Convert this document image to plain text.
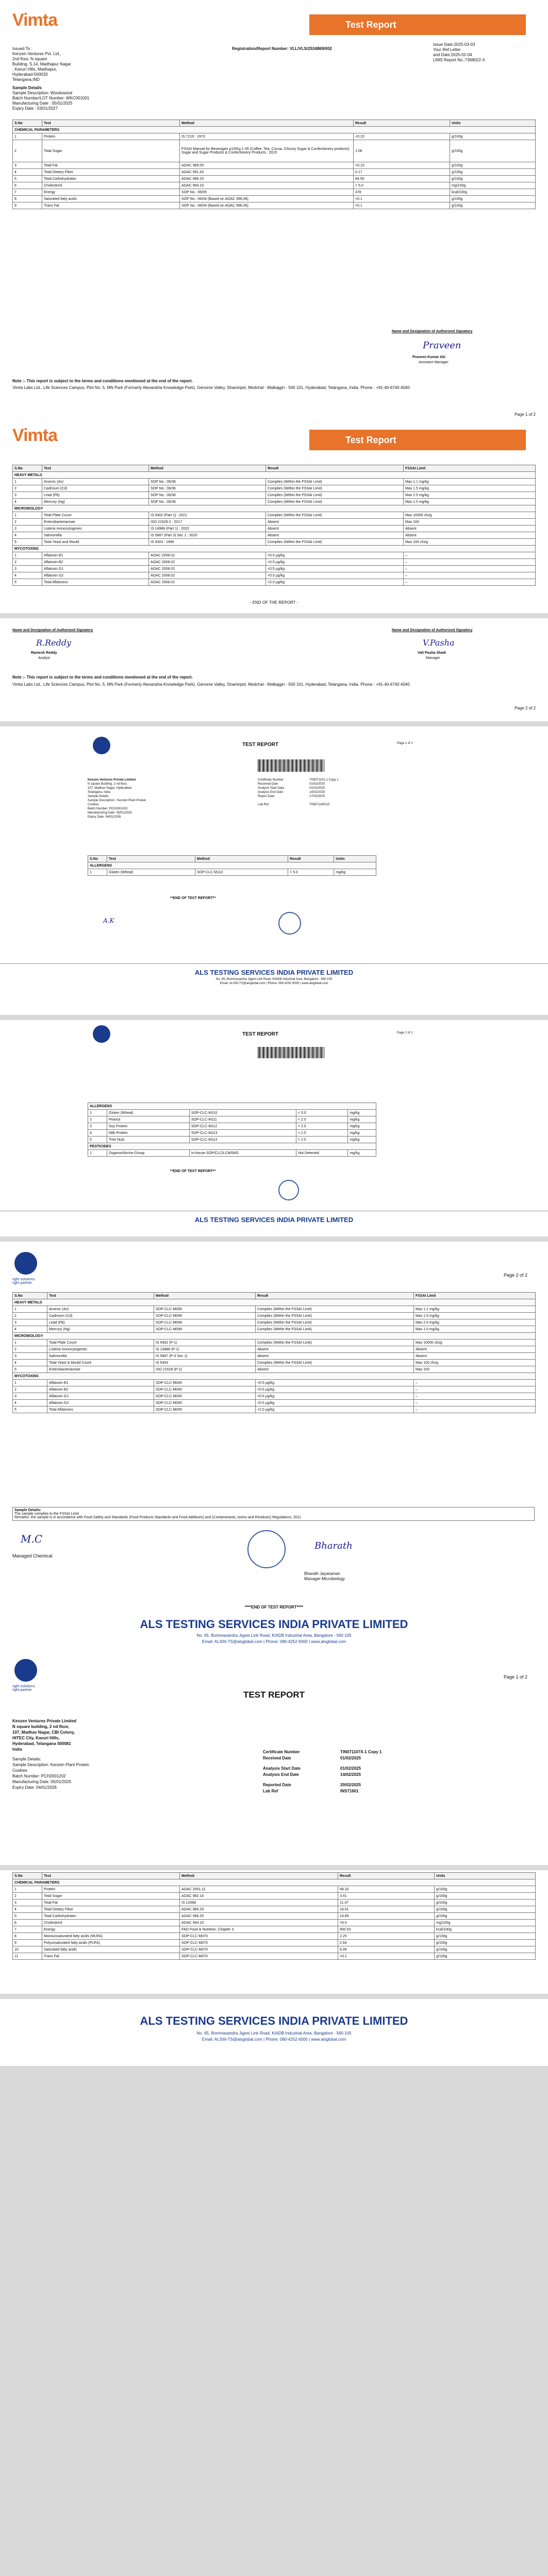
Vimta	Test Report
Issued To :
Kenzen Ventures Pvt. Ltd.,
2nd floor, N square
Building, S.14, Madhapur Nagar
, Kavuri Hills, Madhapur,
Hyderabad-500033
Telangana,IND
Sample Details
Sample Description: Wordswood
Batch Number/LOT Number: WKC001001
Manufacturing Date : 05/01/2025
Expiry Date : 03/01/2027
Registration/Report Number: VLL/VLS/2534869/002
Issue Date:2025-03-03
Your Ref.Letter
and Date:2025-02-04
LIMS Report No.:7368022-X
S.No	Test	Method	Result	Units
CHEMICAL PARAMETERS				
1	Protein	IS 7219 : 1973	<0.15	g/100g
2	Total Sugar	FSSAI Manual for Beverages p10/Kg 1-35 (Coffee, Tea, Cocoa, Chicory Sugar & Confectionery products) Sugar and Sugar Products & Confectionery Products : 2015	1.06	g/100g
3	Total Fat	AOAC 989.05	<0.15	g/100g
4	Total Dietary Fiber	AOAC 991.43	0.17	g/100g
5	Total Carbohydrates	AOAC 986.25	84.55	g/100g
6	Cholesterol	AOAC 994.10	< 5.0	mg/100g
7	Energy	SOP No.: 06/05	378	kcal/100g
8	Saturated fatty acids	SOP No.: 06/04 (Based on AOAC 996.06)	<0.1	g/100g
9	Trans Fat	SOP No.: 06/04 (Based on AOAC 996.06)	<0.1	g/100g
Name and Designation of Authorized Signatory
Praveen
Praveen Kumar Aki
Assistant Manager
Note :- This report is subject to the terms and conditions mentioned at the end of the report.
Vimta Labs Ltd., Life Sciences Campus, Plot No. 5, MN Park (Formerly Alexandria Knowledge Park), Genome Valley, Shamirpet, Medchal - Malkajgiri - 500 101, Hyderabad, Telangana, India. Phone : +91-40-6740 4040
Page 1 of 2
Vimta	Test Report
S.No	Test	Method	Result	FSSAI Limit
HEAVY METALS				
1	Arsenic (As)	SOP No.: 06/36	Complies (Within the FSSAI Limit)	Max 1.1 mg/kg
2	Cadmium (Cd)	SOP No.: 06/36	Complies (Within the FSSAI Limit)	Max 1.5 mg/kg
3	Lead (Pb)	SOP No.: 06/36	Complies (Within the FSSAI Limit)	Max 2.5 mg/kg
4	Mercury (Hg)	SOP No.: 06/36	Complies (Within the FSSAI Limit)	Max 1.0 mg/kg
MICROBIOLOGY				
1	Total Plate Count	IS 5402 (Part 1) : 2021	Complies (Within the FSSAI Limit)	Max 10000 cfu/g
2	Enterobacteriaceae	ISO 21528-2 : 2017	Absent	Max 100
3	Listeria monocytogenes	IS 14988 (Part 1) : 2020	Absent	Absent
4	Salmonella	IS 5887 (Part 3) Sec 1 : 2020	Absent	Absent
5	Total Yeast and Mould	IS 5403 : 1999	Complies (Within the FSSAI Limit)	Max 100 cfu/g
MYCOTOXINS				
1	Aflatoxin B1	AOAC 2008.02	<0.5 µg/kg	–
2	Aflatoxin B2	AOAC 2008.02	<0.5 µg/kg	–
3	Aflatoxin G1	AOAC 2008.02	<0.5 µg/kg	–
4	Aflatoxin G2	AOAC 2008.02	<0.5 µg/kg	–
5	Total Aflatoxins	AOAC 2008.02	<2.0 µg/kg	–
- END OF THE REPORT -
Name and Designation of Authorized Signatory
R.Reddy
Ramesh Reddy
Analyst
Name and Designation of Authorized Signatory
V.Pasha
Vali Pasha Shaik
Manager
Note :- This report is subject to the terms and conditions mentioned at the end of the report.
Vimta Labs Ltd., Life Sciences Campus, Plot No. 5, MN Park (Formerly Alexandria Knowledge Park), Genome Valley, Shamirpet, Medchal - Malkajgiri - 500 101, Hyderabad, Telangana, India. Phone : +91-40-6740 4040
Page 2 of 2
TEST REPORT	Page 1 of 1
Kenzen Ventures Private Limited
N square Building, 2 nd floor,
107, Madhav Nagar, Hyderabad
Telangana, India
Sample Details:
Sample Description : Kenzen Plant Protein
Cookies
Batch Number: PCH2001202
Manufacturing Date: 05/01/2025
Expiry Date: 04/01/2026
Certificate Number	TINDT1101-1 Copy 1
Received Date	01/02/2025
Analysis Start Date	01/02/2025
Analysis End Date	14/02/2025
Report Date	17/02/2025
Lab Ref	TIN671140013
S.No	Test	Method	Result	Units
ALLERGENS				
1	Gluten (Wheat)	SOP-CLC-M110	< 5.0	mg/kg
**END OF TEST REPORT**
A.K
ALS TESTING SERVICES INDIA PRIVATE LIMITED
No. 65, Bommasandra Jigani Link Road, KIADB Industrial Area, Bangalore - 560 105
Email: ALSIN-TS@alsglobal.com | Phone: 080-4252 6000 | www.alsglobal.com
TEST REPORT	Page 1 of 1
ALLERGENS				
1	Gluten (Wheat)	SOP-CLC-M110	< 5.0	mg/kg
2	Peanut	SOP-CLC-M111	< 2.5	mg/kg
3	Soy Protein	SOP-CLC-M112	< 2.5	mg/kg
4	Milk Protein	SOP-CLC-M113	< 2.5	mg/kg
5	Tree Nuts	SOP-CLC-M114	< 2.5	mg/kg
PESTICIDES				
1	Organochlorine Group	In-house SOP/CLC/LCMSMS	Not Detected	mg/kg
**END OF TEST REPORT**
ALS TESTING SERVICES INDIA PRIVATE LIMITED
right solutions. right partner.
Page 2 of 2
S.No	Test	Method	Result	FSSAI Limit
HEAVY METALS				
1	Arsenic (As)	SOP-CLC-M099	Complies (Within the FSSAI Limit)	Max 1.1 mg/kg
2	Cadmium (Cd)	SOP-CLC-M099	Complies (Within the FSSAI Limit)	Max 1.5 mg/kg
3	Lead (Pb)	SOP-CLC-M099	Complies (Within the FSSAI Limit)	Max 2.5 mg/kg
4	Mercury (Hg)	SOP-CLC-M099	Complies (Within the FSSAI Limit)	Max 1.0 mg/kg
MICROBIOLOGY				
1	Total Plate Count	IS 5402 (P-1)	Complies (Within the FSSAI Limit)	Max 10000 cfu/g
2	Listeria monocytogenes	IS 14988 (P-1)	Absent	Absent
3	Salmonella	IS 5887 (P-3 Sec 1)	Absent	Absent
4	Total Yeast & Mould Count	IS 5403	Complies (Within the FSSAI Limit)	Max 100 cfu/g
5	Enterobacteriaceae	ISO 21528 (P-2)	Absent	Max 100
MYCOTOXINS				
1	Aflatoxin B1	SOP-CLC-M045	<0.5 µg/kg	–
2	Aflatoxin B2	SOP-CLC-M045	<0.5 µg/kg	–
3	Aflatoxin G1	SOP-CLC-M045	<0.5 µg/kg	–
4	Aflatoxin G2	SOP-CLC-M045	<0.5 µg/kg	–
5	Total Aflatoxins	SOP-CLC-M045	<2.0 µg/kg	–
Sample Details:
The sample complies to the FSSAI Limit
Remarks: the sample is in accordance with Food Safety and Standards (Food Products Standards and Food Additives) and (Contaminants, toxins and Residues) Regulations, 2011
M.C
Managed Chemical
Bharath
Bharath Jayaraman
Manager-Microbiology
****END OF TEST REPORT****
ALS TESTING SERVICES INDIA PRIVATE LIMITED
No. 65, Bommasandra Jigani Link Road, KIADB Industrial Area, Bangalore - 560 105
Email: ALSIN-TS@alsglobal.com | Phone: 080-4252 6000 | www.alsglobal.com
right solutions. right partner.
Page 1 of 2
TEST REPORT
Kenzen Ventures Private Limited
N square building, 2 nd floor,
107, Madhav Nagar, CBI Colony,
HITEC City, Kavuri Hills,
Hyderabad, Telangana 500081
India
Sample Details:
Sample Description: Kenzen Plant Protein
Cookies
Batch Number: PCH2001202
Manufacturing Date: 05/01/2025
Expiry Date: 04/01/2026
Certificate Number	TIN071107X-1 Copy 1
Received Date	01/02/2025
Analysis Start Date	01/02/2025
Analysis End Date	14/02/2025
Reported Date	20/02/2025
Lab Ref	INS71601
S.No	Test	Method	Result	Units
CHEMICAL PARAMETERS				
1	Protein	AOAC 2001.11	68.32	g/100g
2	Total Sugar	AOAC 982.14	3.41	g/100g
3	Total Fat	IS 12068	11.37	g/100g
4	Total Dietary Fibre	AOAC 985.29	18.61	g/100g
5	Total Carbohydrates	AOAC 986.25	14.85	g/100g
6	Cholesterol	AOAC 994.10	<5.0	mg/100g
7	Energy	FAO Food & Nutrition, Chapter 3	450.53	kcal/100g
8	Monounsaturated fatty acids (MUFA)	SOP-CLC-M070	2.25	g/100g
9	Polyunsaturated fatty acids (PUFA)	SOP-CLC-M070	2.64	g/100g
10	Saturated fatty acids	SOP-CLC-M070	6.09	g/100g
11	Trans Fat	SOP-CLC-M070	<0.1	g/100g
ALS TESTING SERVICES INDIA PRIVATE LIMITED
No. 65, Bommasandra Jigani Link Road, KIADB Industrial Area, Bangalore - 560 105
Email: ALSIN-TS@alsglobal.com | Phone: 080-4252 6000 | www.alsglobal.com
